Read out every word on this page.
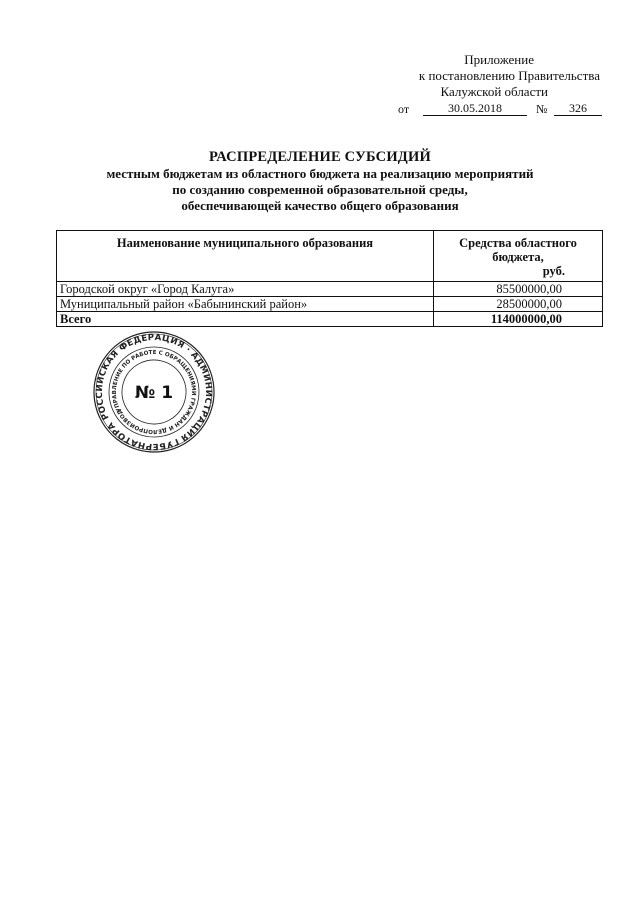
Приложение
к постановлению Правительства
Калужской области
от	30.05.2018	№	326
РАСПРЕДЕЛЕНИЕ СУБСИДИЙ
местным бюджетам из областного бюджета на реализацию мероприятий
по созданию современной образовательной среды,
обеспечивающей качество общего образования
Наименование муниципального образования	Средства областного
бюджета,
руб.

Городской округ «Город Калуга»	85500000,00
Муниципальный район «Бабынинский район»	28500000,00
Всего	114000000,00
РОССИЙСКАЯ ФЕДЕРАЦИЯ · АДМИНИСТРАЦИЯ ГУБЕРНАТОРА
УПРАВЛЕНИЕ ПО РАБОТЕ С ОБРАЩЕНИЯМИ ГРАЖДАН И ДЕЛОПРОИЗВОДСТВУ
№ 1
